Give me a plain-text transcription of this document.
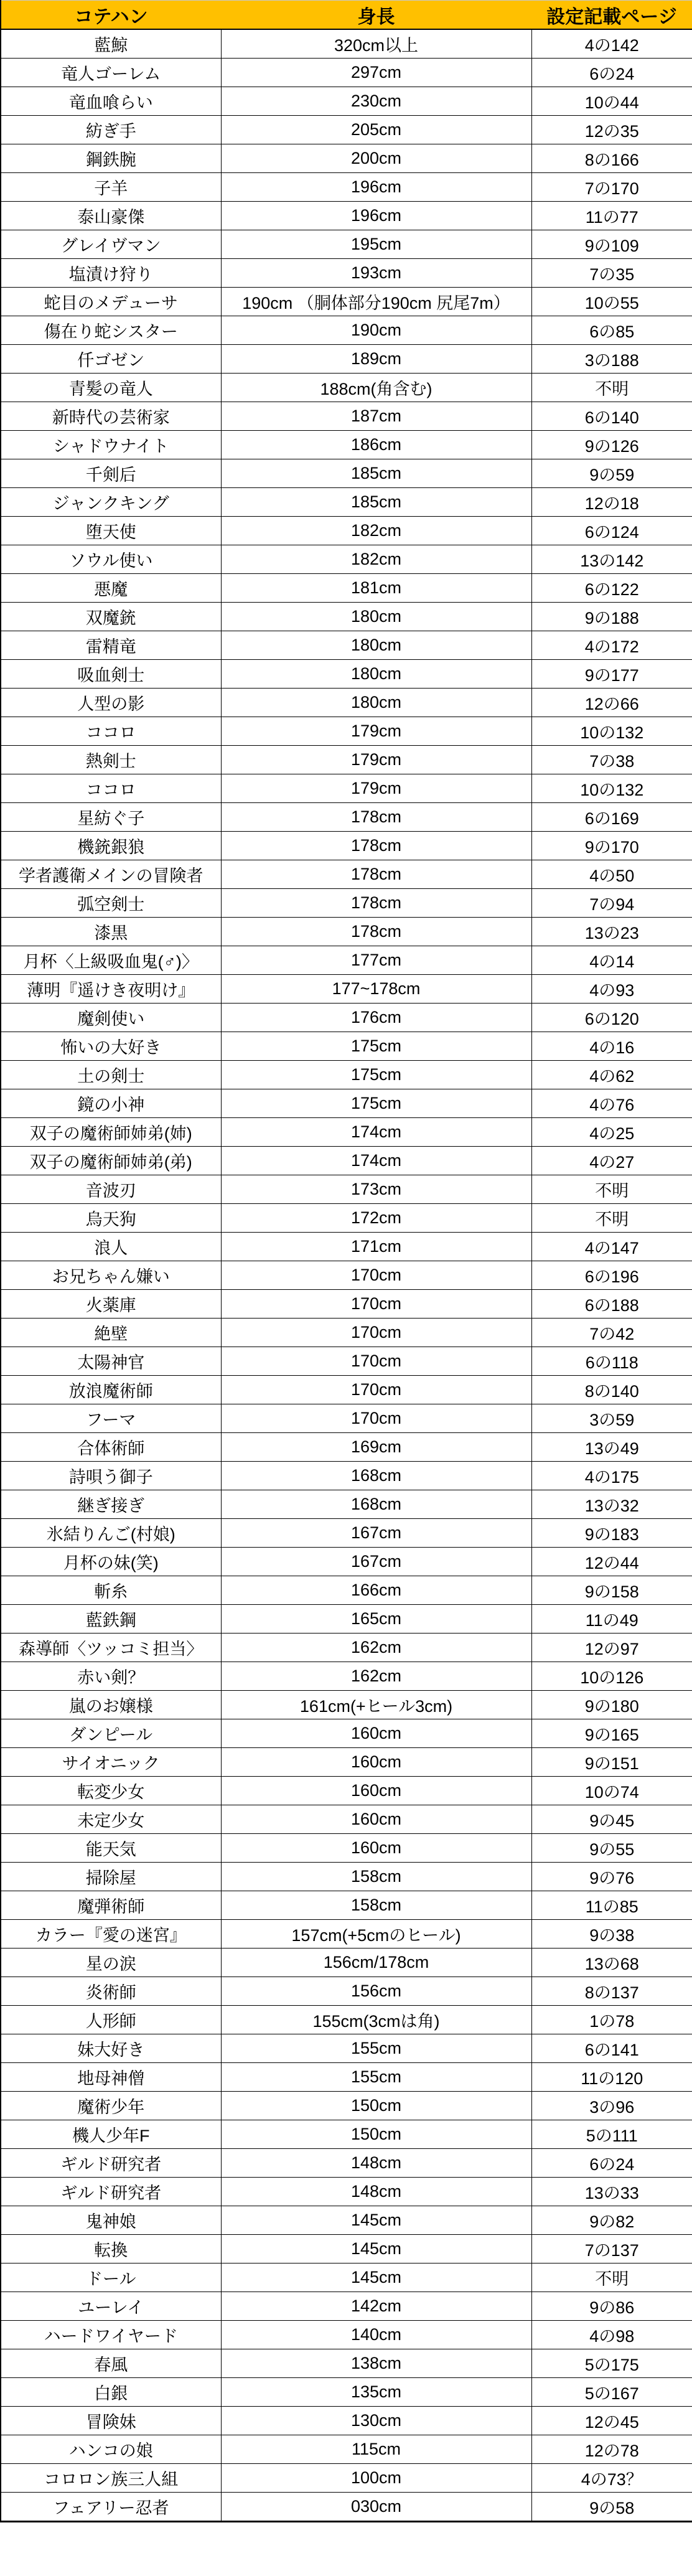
コテハン	身長	設定記載ページ
藍鯨	320cm以上	4の142
竜人ゴーレム	297cm	6の24
竜血喰らい	230cm	10の44
紡ぎ手	205cm	12の35
鋼鉄腕	200cm	8の166
子羊	196cm	7の170
泰山豪傑	196cm	11の77
グレイヴマン	195cm	9の109
塩漬け狩り	193cm	7の35
蛇目のメデューサ	190cm （胴体部分190cm 尻尾7m）	10の55
傷在り蛇シスター	190cm	6の85
仟ゴゼン	189cm	3の188
青髪の竜人	188cm(角含む)	不明
新時代の芸術家	187cm	6の140
シャドウナイト	186cm	9の126
千剣后	185cm	9の59
ジャンクキング	185cm	12の18
堕天使	182cm	6の124
ソウル使い	182cm	13の142
悪魔	181cm	6の122
双魔銃	180cm	9の188
雷精竜	180cm	4の172
吸血剣士	180cm	9の177
人型の影	180cm	12の66
ココロ	179cm	10の132
熱剣士	179cm	7の38
ココロ	179cm	10の132
星紡ぐ子	178cm	6の169
機銃銀狼	178cm	9の170
学者護衛メインの冒険者	178cm	4の50
弧空剣士	178cm	7の94
漆黒	178cm	13の23
月杯〈上級吸血鬼(♂)〉	177cm	4の14
薄明『遥けき夜明け』	177~178cm	4の93
魔剣使い	176cm	6の120
怖いの大好き	175cm	4の16
土の剣士	175cm	4の62
鏡の小神	175cm	4の76
双子の魔術師姉弟(姉)	174cm	4の25
双子の魔術師姉弟(弟)	174cm	4の27
音波刃	173cm	不明
烏天狗	172cm	不明
浪人	171cm	4の147
お兄ちゃん嫌い	170cm	6の196
火薬庫	170cm	6の188
絶壁	170cm	7の42
太陽神官	170cm	6の118
放浪魔術師	170cm	8の140
フーマ	170cm	3の59
合体術師	169cm	13の49
詩唄う御子	168cm	4の175
継ぎ接ぎ	168cm	13の32
氷結りんご(村娘)	167cm	9の183
月杯の妹(笑)	167cm	12の44
斬糸	166cm	9の158
藍鉄鋼	165cm	11の49
森導師〈ツッコミ担当〉	162cm	12の97
赤い剣？	162cm	10の126
嵐のお嬢様	161cm(+ヒール3cm)	9の180
ダンピール	160cm	9の165
サイオニック	160cm	9の151
転変少女	160cm	10の74
未定少女	160cm	9の45
能天気	160cm	9の55
掃除屋	158cm	9の76
魔弾術師	158cm	11の85
カラー『愛の迷宮』	157cm(+5cmのヒール)	9の38
星の涙	156cm/178cm	13の68
炎術師	156cm	8の137
人形師	155cm(3cmは角)	1の78
妹大好き	155cm	6の141
地母神僧	155cm	11の120
魔術少年	150cm	3の96
機人少年F	150cm	5の111
ギルド研究者	148cm	6の24
ギルド研究者	148cm	13の33
鬼神娘	145cm	9の82
転換	145cm	7の137
ドール	145cm	不明
ユーレイ	142cm	9の86
ハードワイヤード	140cm	4の98
春風	138cm	5の175
白銀	135cm	5の167
冒険妹	130cm	12の45
ハンコの娘	115cm	12の78
コロロン族三人組	100cm	4の73？
フェアリー忍者	030cm	9の58
